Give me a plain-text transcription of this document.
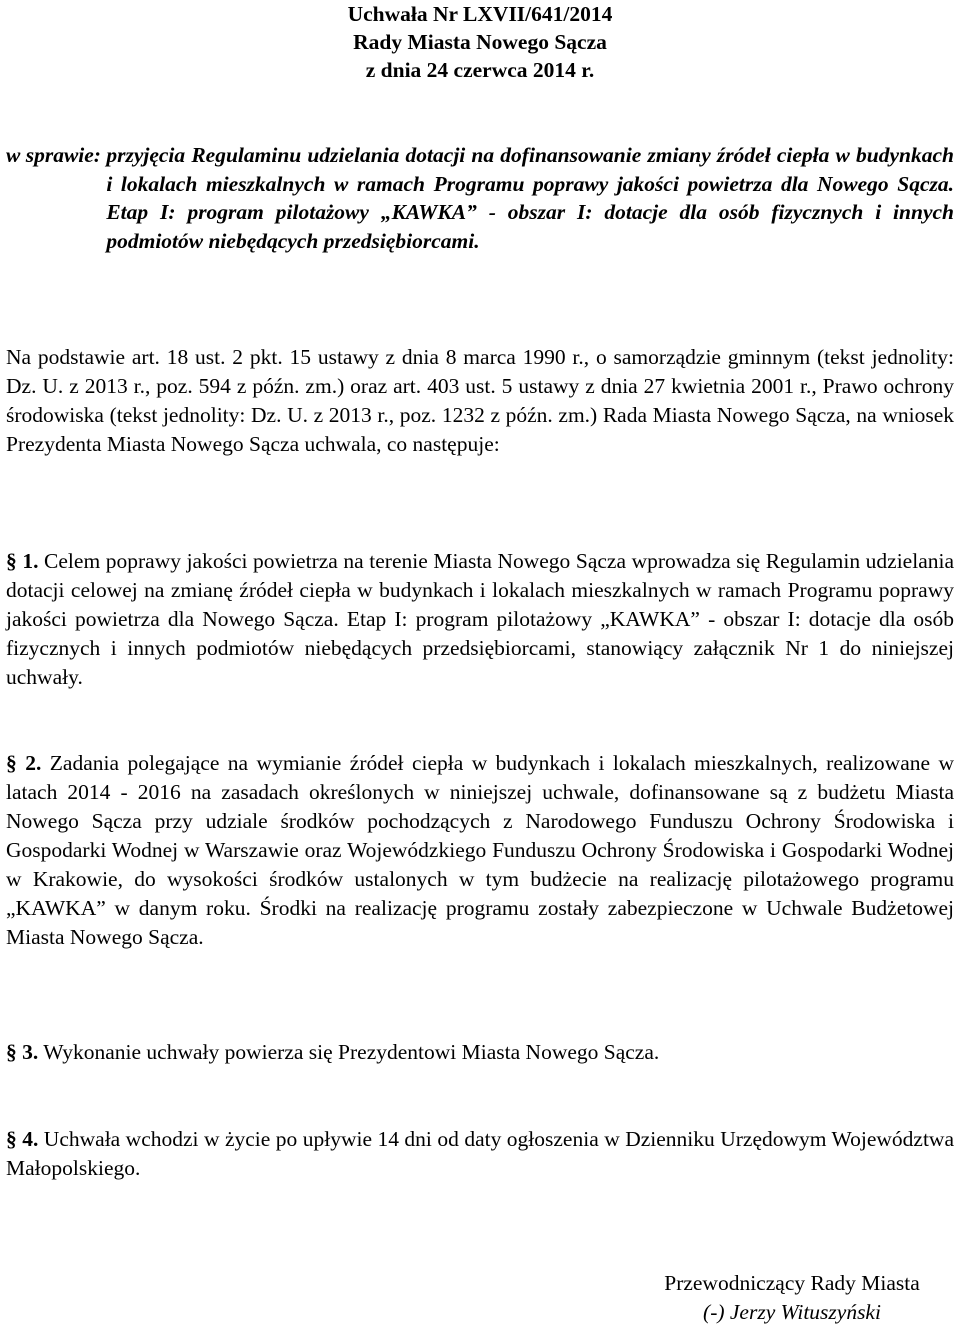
Uchwała Nr LXVII/641/2014
Rady Miasta Nowego Sącza
z dnia 24 czerwca 2014 r.
w sprawie: przyjęcia Regulaminu udzielania dotacji na dofinansowanie zmiany źródeł ciepła w budynkach i lokalach mieszkalnych w ramach Programu poprawy jakości powietrza dla Nowego Sącza. Etap I: program pilotażowy „KAWKA” - obszar I: dotacje dla osób fizycznych i innych podmiotów niebędących przedsiębiorcami.
Na podstawie art. 18 ust. 2 pkt. 15 ustawy z dnia 8 marca 1990 r., o samorządzie gminnym (tekst jednolity: Dz. U. z 2013 r., poz. 594 z późn. zm.) oraz art. 403 ust. 5 ustawy z dnia 27 kwietnia 2001 r., Prawo ochrony środowiska (tekst jednolity: Dz. U. z 2013 r., poz. 1232 z późn. zm.) Rada Miasta Nowego Sącza, na wniosek Prezydenta Miasta Nowego Sącza uchwala, co następuje:
§ 1. Celem poprawy jakości powietrza na terenie Miasta Nowego Sącza wprowadza się Regulamin udzielania dotacji celowej na zmianę źródeł ciepła w budynkach i lokalach mieszkalnych w ramach Programu poprawy jakości powietrza dla Nowego Sącza. Etap I: program pilotażowy „KAWKA” - obszar I: dotacje dla osób fizycznych i innych podmiotów niebędących przedsiębiorcami, stanowiący załącznik Nr 1 do niniejszej uchwały.
§ 2. Zadania polegające na wymianie źródeł ciepła w budynkach i lokalach mieszkalnych, realizowane w latach 2014 - 2016 na zasadach określonych w niniejszej uchwale, dofinansowane są z budżetu Miasta Nowego Sącza przy udziale środków pochodzących z Narodowego Funduszu Ochrony Środowiska i Gospodarki Wodnej w Warszawie oraz Wojewódzkiego Funduszu Ochrony Środowiska i Gospodarki Wodnej w Krakowie, do wysokości środków ustalonych w tym budżecie na realizację pilotażowego programu „KAWKA” w danym roku. Środki na realizację programu zostały zabezpieczone w Uchwale Budżetowej Miasta Nowego Sącza.
§ 3. Wykonanie uchwały powierza się Prezydentowi Miasta Nowego Sącza.
§ 4. Uchwała wchodzi w życie po upływie 14 dni od daty ogłoszenia w Dzienniku Urzędowym Województwa Małopolskiego.
Przewodniczący Rady Miasta
(-) Jerzy Wituszyński
